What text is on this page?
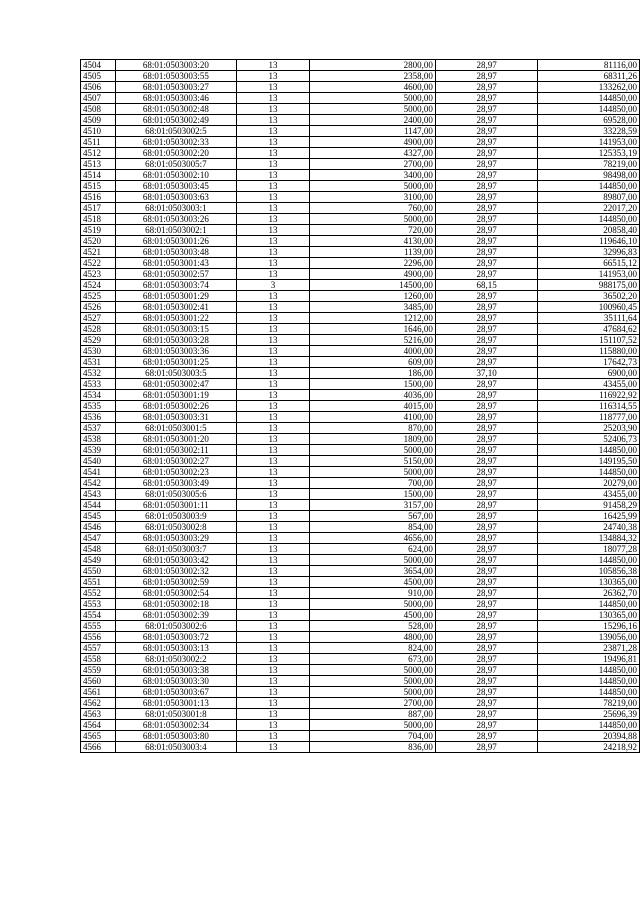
4504	68:01:0503003:20	13	2800,00	28,97	81116,00
4505	68:01:0503003:55	13	2358,00	28,97	68311,26
4506	68:01:0503003:27	13	4600,00	28,97	133262,00
4507	68:01:0503003:46	13	5000,00	28,97	144850,00
4508	68:01:0503002:48	13	5000,00	28,97	144850,00
4509	68:01:0503002:49	13	2400,00	28,97	69528,00
4510	68:01:0503002:5	13	1147,00	28,97	33228,59
4511	68:01:0503002:33	13	4900,00	28,97	141953,00
4512	68:01:0503002:20	13	4327,00	28,97	125353,19
4513	68:01:0503005:7	13	2700,00	28,97	78219,00
4514	68:01:0503002:10	13	3400,00	28,97	98498,00
4515	68:01:0503003:45	13	5000,00	28,97	144850,00
4516	68:01:0503003:63	13	3100,00	28,97	89807,00
4517	68:01:0503003:1	13	760,00	28,97	22017,20
4518	68:01:0503003:26	13	5000,00	28,97	144850,00
4519	68:01:0503002:1	13	720,00	28,97	20858,40
4520	68:01:0503001:26	13	4130,00	28,97	119646,10
4521	68:01:0503003:48	13	1139,00	28,97	32996,83
4522	68:01:0503001:43	13	2296,00	28,97	66515,12
4523	68:01:0503002:57	13	4900,00	28,97	141953,00
4524	68:01:0503003:74	3	14500,00	68,15	988175,00
4525	68:01:0503001:29	13	1260,00	28,97	36502,20
4526	68:01:0503002:41	13	3485,00	28,97	100960,45
4527	68:01:0503001:22	13	1212,00	28,97	35111,64
4528	68:01:0503003:15	13	1646,00	28,97	47684,62
4529	68:01:0503003:28	13	5216,00	28,97	151107,52
4530	68:01:0503003:36	13	4000,00	28,97	115880,00
4531	68:01:0503001:25	13	609,00	28,97	17642,73
4532	68:01:0503003:5	13	186,00	37,10	6900,00
4533	68:01:0503002:47	13	1500,00	28,97	43455,00
4534	68:01:0503001:19	13	4036,00	28,97	116922,92
4535	68:01:0503002:26	13	4015,00	28,97	116314,55
4536	68:01:0503003:31	13	4100,00	28,97	118777,00
4537	68:01:0503001:5	13	870,00	28,97	25203,90
4538	68:01:0503001:20	13	1809,00	28,97	52406,73
4539	68:01:0503002:11	13	5000,00	28,97	144850,00
4540	68:01:0503002:27	13	5150,00	28,97	149195,50
4541	68:01:0503002:23	13	5000,00	28,97	144850,00
4542	68:01:0503003:49	13	700,00	28,97	20279,00
4543	68:01:0503005:6	13	1500,00	28,97	43455,00
4544	68:01:0503001:11	13	3157,00	28,97	91458,29
4545	68:01:0503003:9	13	567,00	28,97	16425,99
4546	68:01:0503002:8	13	854,00	28,97	24740,38
4547	68:01:0503003:29	13	4656,00	28,97	134884,32
4548	68:01:0503003:7	13	624,00	28,97	18077,28
4549	68:01:0503003:42	13	5000,00	28,97	144850,00
4550	68:01:0503002:32	13	3654,00	28,97	105856,38
4551	68:01:0503002:59	13	4500,00	28,97	130365,00
4552	68:01:0503002:54	13	910,00	28,97	26362,70
4553	68:01:0503002:18	13	5000,00	28,97	144850,00
4554	68:01:0503002:39	13	4500,00	28,97	130365,00
4555	68:01:0503002:6	13	528,00	28,97	15296,16
4556	68:01:0503003:72	13	4800,00	28,97	139056,00
4557	68:01:0503003:13	13	824,00	28,97	23871,28
4558	68:01:0503002:2	13	673,00	28,97	19496,81
4559	68:01:0503003:38	13	5000,00	28,97	144850,00
4560	68:01:0503003:30	13	5000,00	28,97	144850,00
4561	68:01:0503003:67	13	5000,00	28,97	144850,00
4562	68:01:0503001:13	13	2700,00	28,97	78219,00
4563	68:01:0503001:8	13	887,00	28,97	25696,39
4564	68:01:0503002:34	13	5000,00	28,97	144850,00
4565	68:01:0503003:80	13	704,00	28,97	20394,88
4566	68:01:0503003:4	13	836,00	28,97	24218,92
